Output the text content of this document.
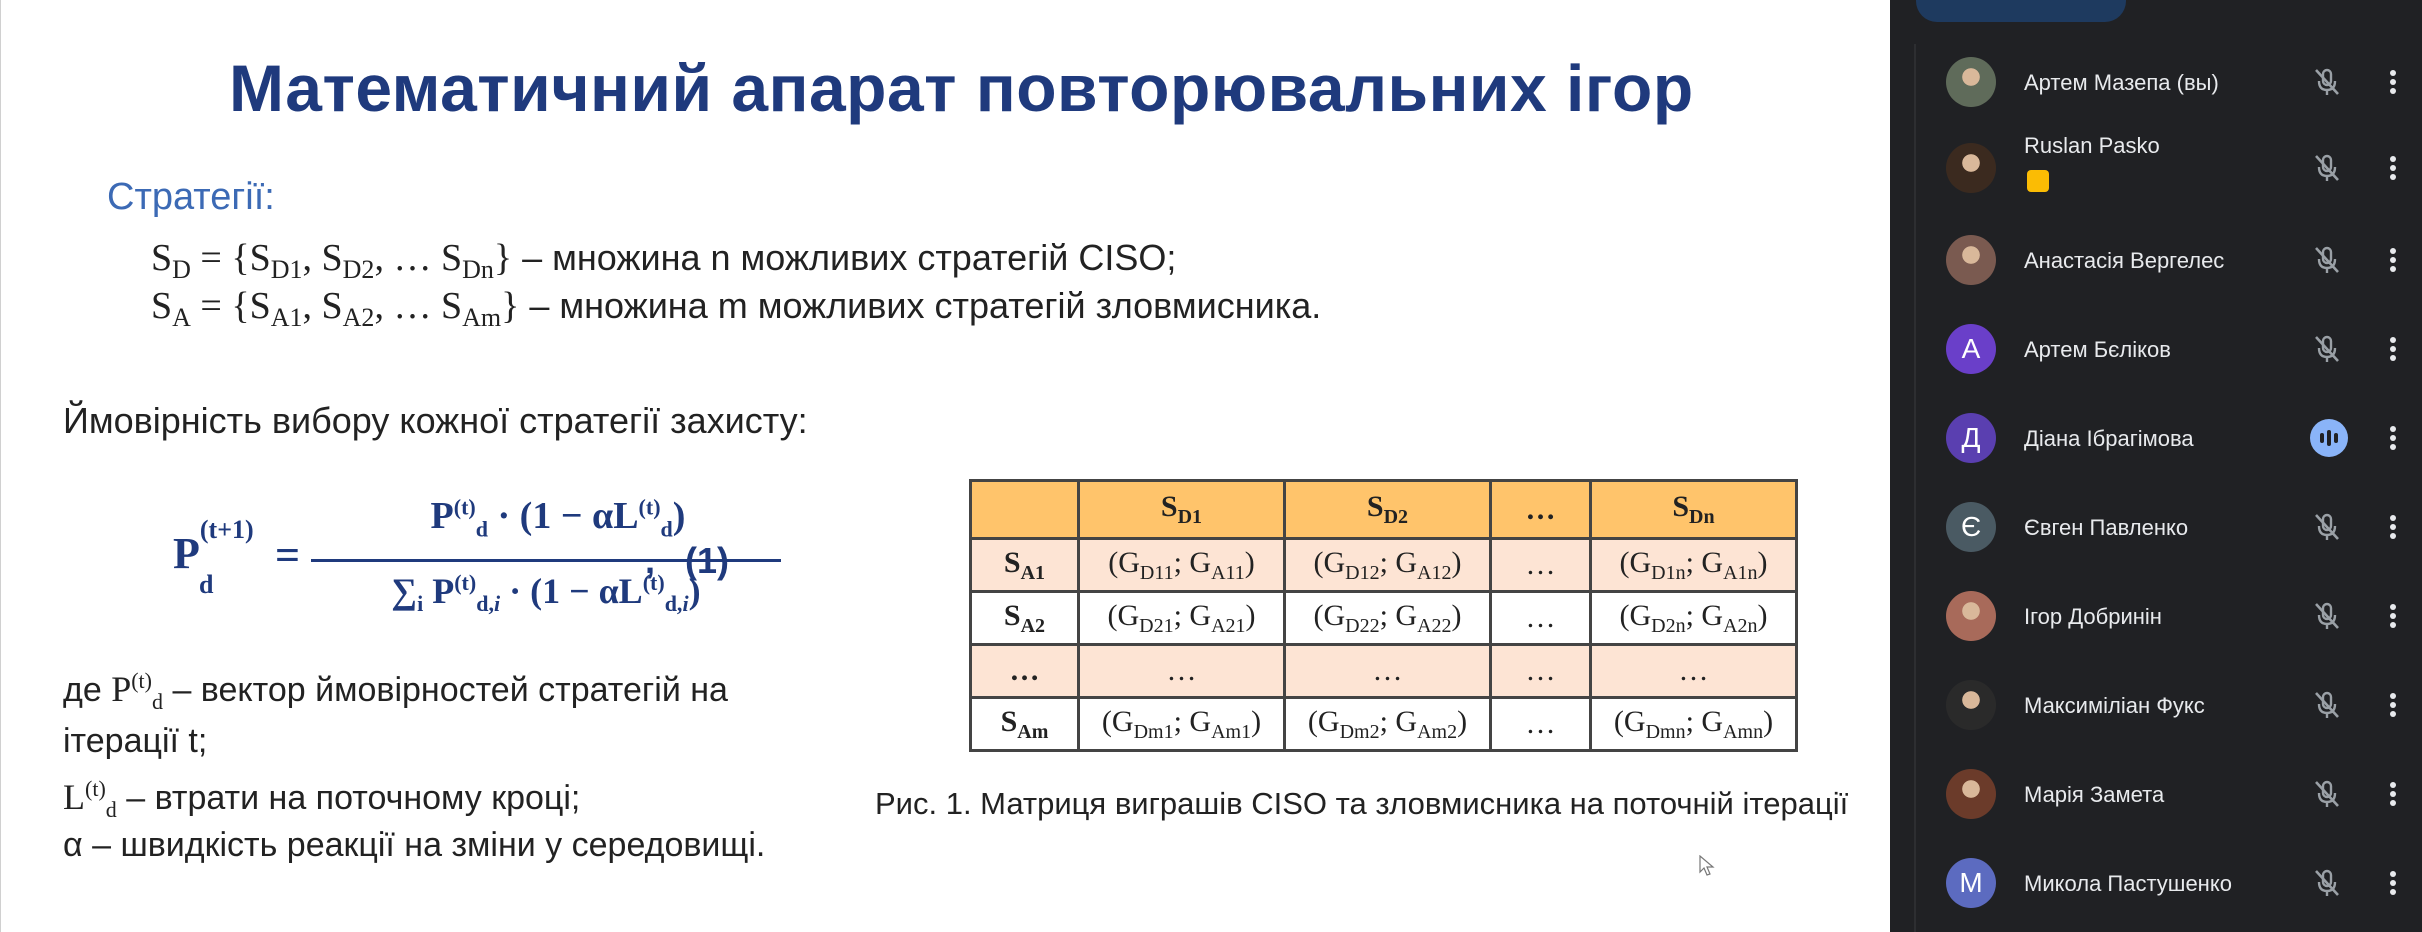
Математичний апарат повторювальних ігор
Стратегії:
$S_D = \{S_{D1}$, $S_{D2}$, … $S_{Dn}$} – множина n можливих стратегій CISO;
$S_A = \{S_{A1}$, $S_{A2}$, … $S_{Am}$} – множина m можливих стратегій зловмисника.
Ймовірність вибору кожної стратегії захисту:
$P^{(t+1)}$
d
=
$P^{(t)}_d \cdot (1 - \alpha L^{(t)}_d)$
$\sum_i$ $P^{(t)}_{d,i} \cdot (1 - \alpha L^{(t)}_{d,i})$
, (1)
де $P^{(t)}_d$ – вектор ймовірностей стратегій на
ітерації t;
$L^{(t)}_d$ – втрати на поточному кроці;
α – швидкість реакції на зміни у середовищі.
	$S_{D1}$	$S_{D2}$	…	$S_{Dn}$
$S_{A1}$	($G_{D11}$; $G_{A11}$)	($G_{D12}$; $G_{A12}$)	…	($G_{D1n}$; $G_{A1n}$)
$S_{A2}$	($G_{D21}$; $G_{A21}$)	($G_{D22}$; $G_{A22}$)	…	($G_{D2n}$; $G_{A2n}$)
…	…	…	…	…
$S_{Am}$	($G_{Dm1}$; $G_{Am1}$)	($G_{Dm2}$; $G_{Am2}$)	…	($G_{Dmn}$; $G_{Amn}$)
Рис. 1. Матриця виграшів CISO та зловмисника на поточній ітерації
Артем Мазепа (вы)
Ruslan Pasko
Анастасія Вергелес
А	Артем Бєліков
Д	Діана Ібрагімова
Є	Євген Павленко
Ігор Добринін
Максиміліан Фукс
Марія Замета
М	Микола Пастушенко
